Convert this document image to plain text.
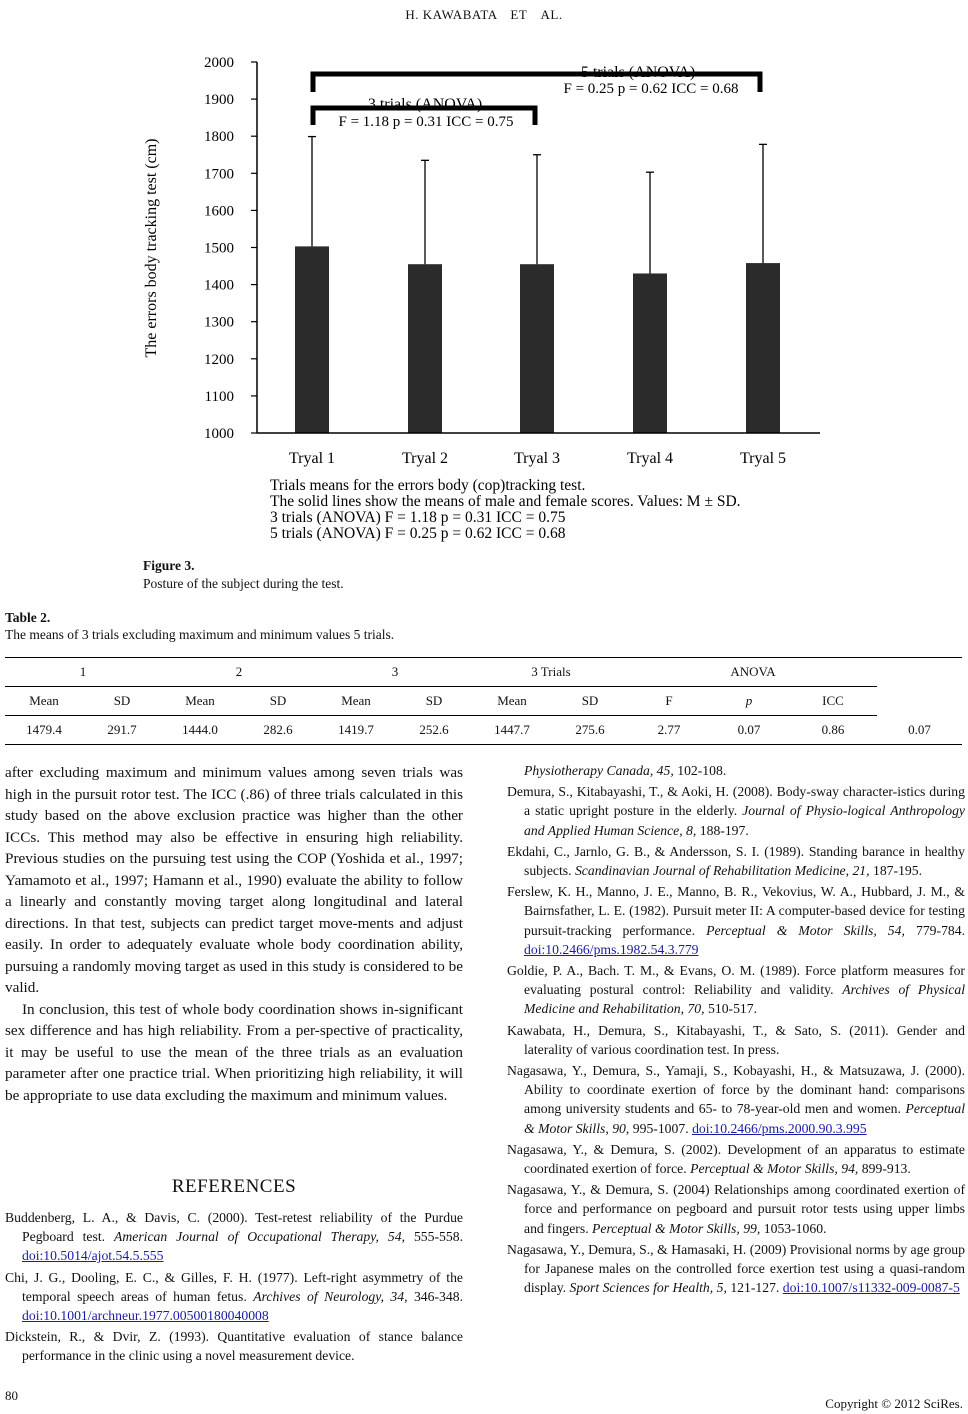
H. KAWABATA　ET　AL.
1000
1100
1200
1300
1400
1500
1600
1700
1800
1900
2000
Tryal 1	Tryal 2	Tryal 3	Tryal 4	Tryal 5
The errors body tracking test (cm)
5 trials (ANOVA)
F = 0.25 p = 0.62 ICC = 0.68
3 trials (ANOVA)
F = 1.18 p = 0.31 ICC = 0.75
Trials means for the errors body (cop)tracking test.
The solid lines show the means of male and female scores. Values: M ± SD.
3 trials (ANOVA) F = 1.18 p = 0.31 ICC = 0.75
5 trials (ANOVA) F = 0.25 p = 0.62 ICC = 0.68
Figure 3.
Posture of the subject during the test.
Table 2.
The means of 3 trials excluding maximum and minimum values 5 trials.
1		2		3		3 Trials		ANOVA			
Mean	SD	Mean	SD	Mean	SD	Mean	SD	F	p	ICC	
1479.4	291.7	1444.0	282.6	1419.7	252.6	1447.7	275.6	2.77	0.07	0.86	0.07

after excluding maximum and minimum values among seven trials was high in the pursuit rotor test. The ICC (.86) of three trials calculated in this study based on the above exclusion practice was higher than the other ICCs. This method may also be effective in ensuring high reliability. Previous studies on the pursuing test using the COP (Yoshida et al., 1997; Yamamoto et al., 1997; Hamann et al., 1990) evaluate the ability to follow a linearly and constantly moving target along longitudinal and lateral directions. In that test, subjects can predict target move-ments and adjust easily. In order to adequately evaluate whole body coordination ability, pursuing a randomly moving target as used in this study is considered to be valid.

In conclusion, this test of whole body coordination shows in-significant sex difference and has high reliability. From a per-spective of practicality, it may be useful to use the mean of the three trials as an evaluation parameter after one practice trial. When prioritizing high reliability, it will be appropriate to use data excluding the maximum and minimum values.

REFERENCES

Buddenberg, L. A., & Davis, C. (2000). Test-retest reliability of the Purdue Pegboard test. American Journal of Occupational Therapy, 54, 555-558. doi:10.5014/ajot.54.5.555

Chi, J. G., Dooling, E. C., & Gilles, F. H. (1977). Left-right asymmetry of the temporal speech areas of human fetus. Archives of Neurology, 34, 346-348. doi:10.1001/archneur.1977.00500180040008

Dickstein, R., & Dvir, Z. (1993). Quantitative evaluation of stance balance performance in the clinic using a novel measurement device.

Physiotherapy Canada, 45, 102-108.

Demura, S., Kitabayashi, T., & Aoki, H. (2008). Body-sway character-istics during a static upright posture in the elderly. Journal of Physio-logical Anthropology and Applied Human Science, 8, 188-197.

Ekdahi, C., Jarnlo, G. B., & Andersson, S. I. (1989). Standing barance in healthy subjects. Scandinavian Journal of Rehabilitation Medicine, 21, 187-195.

Ferslew, K. H., Manno, J. E., Manno, B. R., Vekovius, W. A., Hubbard, J. M., & Bairnsfather, L. E. (1982). Pursuit meter II: A computer-based device for testing pursuit-tracking performance. Perceptual & Motor Skills, 54, 779-784. doi:10.2466/pms.1982.54.3.779

Goldie, P. A., Bach. T. M., & Evans, O. M. (1989). Force platform measures for evaluating postural control: Reliability and validity. Archives of Physical Medicine and Rehabilitation, 70, 510-517.

Kawabata, H., Demura, S., Kitabayashi, T., & Sato, S. (2011). Gender and laterality of various coordination test. In press.

Nagasawa, Y., Demura, S., Yamaji, S., Kobayashi, H., & Matsuzawa, J. (2000). Ability to coordinate exertion of force by the dominant hand: comparisons among university students and 65- to 78-year-old men and women. Perceptual & Motor Skills, 90, 995-1007. doi:10.2466/pms.2000.90.3.995

Nagasawa, Y., & Demura, S. (2002). Development of an apparatus to estimate coordinated exertion of force. Perceptual & Motor Skills, 94, 899-913.

Nagasawa, Y., & Demura, S. (2004) Relationships among coordinated exertion of force and performance on pegboard and pursuit rotor tests using upper limbs and fingers. Perceptual & Motor Skills, 99, 1053-1060.

Nagasawa, Y., Demura, S., & Hamasaki, H. (2009) Provisional norms by age group for Japanese males on the controlled force exertion test using a quasi-random display. Sport Sciences for Health, 5, 121-127. doi:10.1007/s11332-009-0087-5

80
Copyright © 2012 SciRes.
